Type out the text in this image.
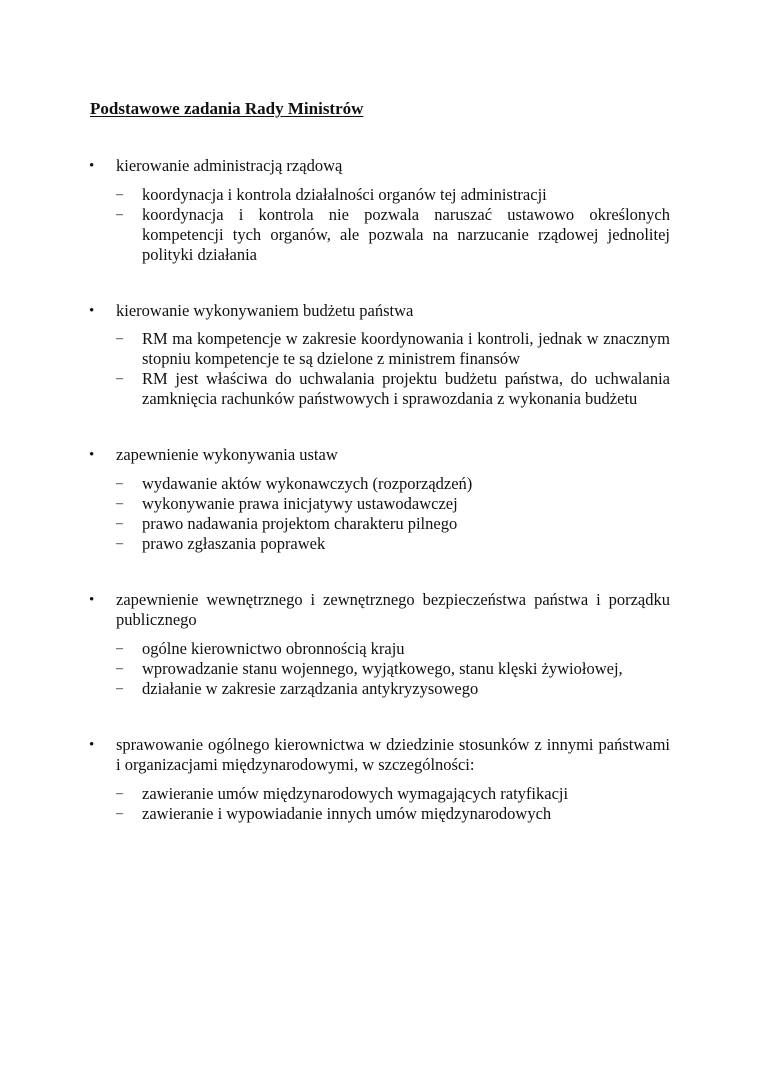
Podstawowe zadania Rady Ministrów
• kierowanie administracją rządową
– koordynacja i kontrola działalności organów tej administracji
– koordynacja i kontrola nie pozwala naruszać ustawowo określonych kompetencji tych organów, ale pozwala na narzucanie rządowej jednolitej polityki działania
• kierowanie wykonywaniem budżetu państwa
– RM ma kompetencje w zakresie koordynowania i kontroli, jednak w znacznym stopniu kompetencje te są dzielone z ministrem finansów
– RM jest właściwa do uchwalania projektu budżetu państwa, do uchwalania zamknięcia rachunków państwowych i sprawozdania z wykonania budżetu
• zapewnienie wykonywania ustaw
– wydawanie aktów wykonawczych (rozporządzeń)
– wykonywanie prawa inicjatywy ustawodawczej
– prawo nadawania projektom charakteru pilnego
– prawo zgłaszania poprawek
• zapewnienie wewnętrznego i zewnętrznego bezpieczeństwa państwa i porządku publicznego
– ogólne kierownictwo obronnością kraju
– wprowadzanie stanu wojennego, wyjątkowego, stanu klęski żywiołowej,
– działanie w zakresie zarządzania antykryzysowego
• sprawowanie ogólnego kierownictwa w dziedzinie stosunków z innymi państwami i organizacjami międzynarodowymi, w szczególności:
– zawieranie umów międzynarodowych wymagających ratyfikacji
– zawieranie i wypowiadanie innych umów międzynarodowych
